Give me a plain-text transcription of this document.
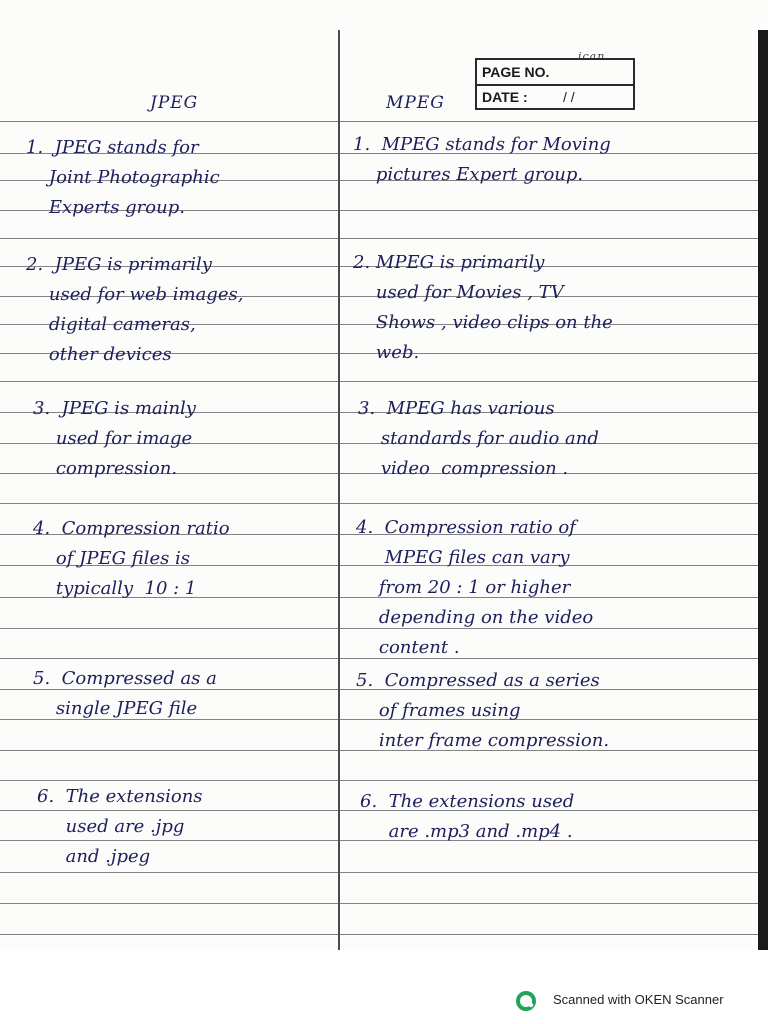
ican
PAGE NO.
DATE :	/ /
JPEG	MPEG
1.  JPEG stands for
Joint Photographic
Experts group.
1.  MPEG stands for Moving
pictures Expert group.
2.  JPEG is primarily
used for web images,
digital cameras,
other devices
2. MPEG is primarily
used for Movies , TV
Shows , video clips on the
web.
3.  JPEG is mainly
used for image
compression.
3.  MPEG has various
standards for audio and
video  compression .
4.  Compression ratio
of JPEG files is
typically  10 : 1
4.  Compression ratio of
MPEG files can vary
from 20 : 1 or higher
depending on the video
content .
5.  Compressed as a
single JPEG file
5.  Compressed as a series
of frames using
inter frame compression.
6.  The extensions
used are .jpg
and .jpeg
6.  The extensions used
are .mp3 and .mp4 .
Scanned with OKEN Scanner
